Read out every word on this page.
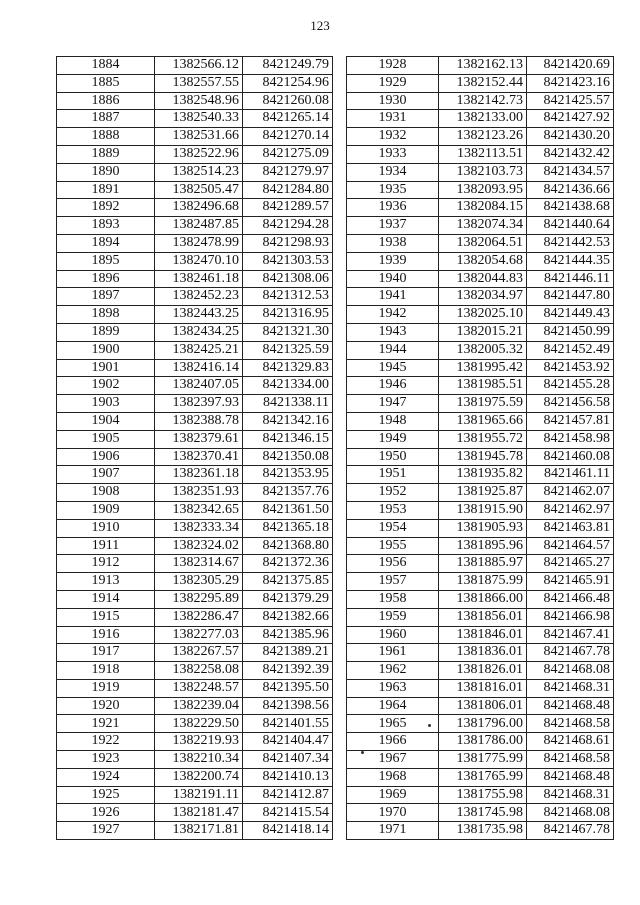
123
1884	1382566.12	8421249.79
1885	1382557.55	8421254.96
1886	1382548.96	8421260.08
1887	1382540.33	8421265.14
1888	1382531.66	8421270.14
1889	1382522.96	8421275.09
1890	1382514.23	8421279.97
1891	1382505.47	8421284.80
1892	1382496.68	8421289.57
1893	1382487.85	8421294.28
1894	1382478.99	8421298.93
1895	1382470.10	8421303.53
1896	1382461.18	8421308.06
1897	1382452.23	8421312.53
1898	1382443.25	8421316.95
1899	1382434.25	8421321.30
1900	1382425.21	8421325.59
1901	1382416.14	8421329.83
1902	1382407.05	8421334.00
1903	1382397.93	8421338.11
1904	1382388.78	8421342.16
1905	1382379.61	8421346.15
1906	1382370.41	8421350.08
1907	1382361.18	8421353.95
1908	1382351.93	8421357.76
1909	1382342.65	8421361.50
1910	1382333.34	8421365.18
1911	1382324.02	8421368.80
1912	1382314.67	8421372.36
1913	1382305.29	8421375.85
1914	1382295.89	8421379.29
1915	1382286.47	8421382.66
1916	1382277.03	8421385.96
1917	1382267.57	8421389.21
1918	1382258.08	8421392.39
1919	1382248.57	8421395.50
1920	1382239.04	8421398.56
1921	1382229.50	8421401.55
1922	1382219.93	8421404.47
1923	1382210.34	8421407.34
1924	1382200.74	8421410.13
1925	1382191.11	8421412.87
1926	1382181.47	8421415.54
1927	1382171.81	8421418.14
1928	1382162.13	8421420.69
1929	1382152.44	8421423.16
1930	1382142.73	8421425.57
1931	1382133.00	8421427.92
1932	1382123.26	8421430.20
1933	1382113.51	8421432.42
1934	1382103.73	8421434.57
1935	1382093.95	8421436.66
1936	1382084.15	8421438.68
1937	1382074.34	8421440.64
1938	1382064.51	8421442.53
1939	1382054.68	8421444.35
1940	1382044.83	8421446.11
1941	1382034.97	8421447.80
1942	1382025.10	8421449.43
1943	1382015.21	8421450.99
1944	1382005.32	8421452.49
1945	1381995.42	8421453.92
1946	1381985.51	8421455.28
1947	1381975.59	8421456.58
1948	1381965.66	8421457.81
1949	1381955.72	8421458.98
1950	1381945.78	8421460.08
1951	1381935.82	8421461.11
1952	1381925.87	8421462.07
1953	1381915.90	8421462.97
1954	1381905.93	8421463.81
1955	1381895.96	8421464.57
1956	1381885.97	8421465.27
1957	1381875.99	8421465.91
1958	1381866.00	8421466.48
1959	1381856.01	8421466.98
1960	1381846.01	8421467.41
1961	1381836.01	8421467.78
1962	1381826.01	8421468.08
1963	1381816.01	8421468.31
1964	1381806.01	8421468.48
1965	1381796.00	8421468.58
1966	1381786.00	8421468.61
1967	1381775.99	8421468.58
1968	1381765.99	8421468.48
1969	1381755.98	8421468.31
1970	1381745.98	8421468.08
1971	1381735.98	8421467.78
